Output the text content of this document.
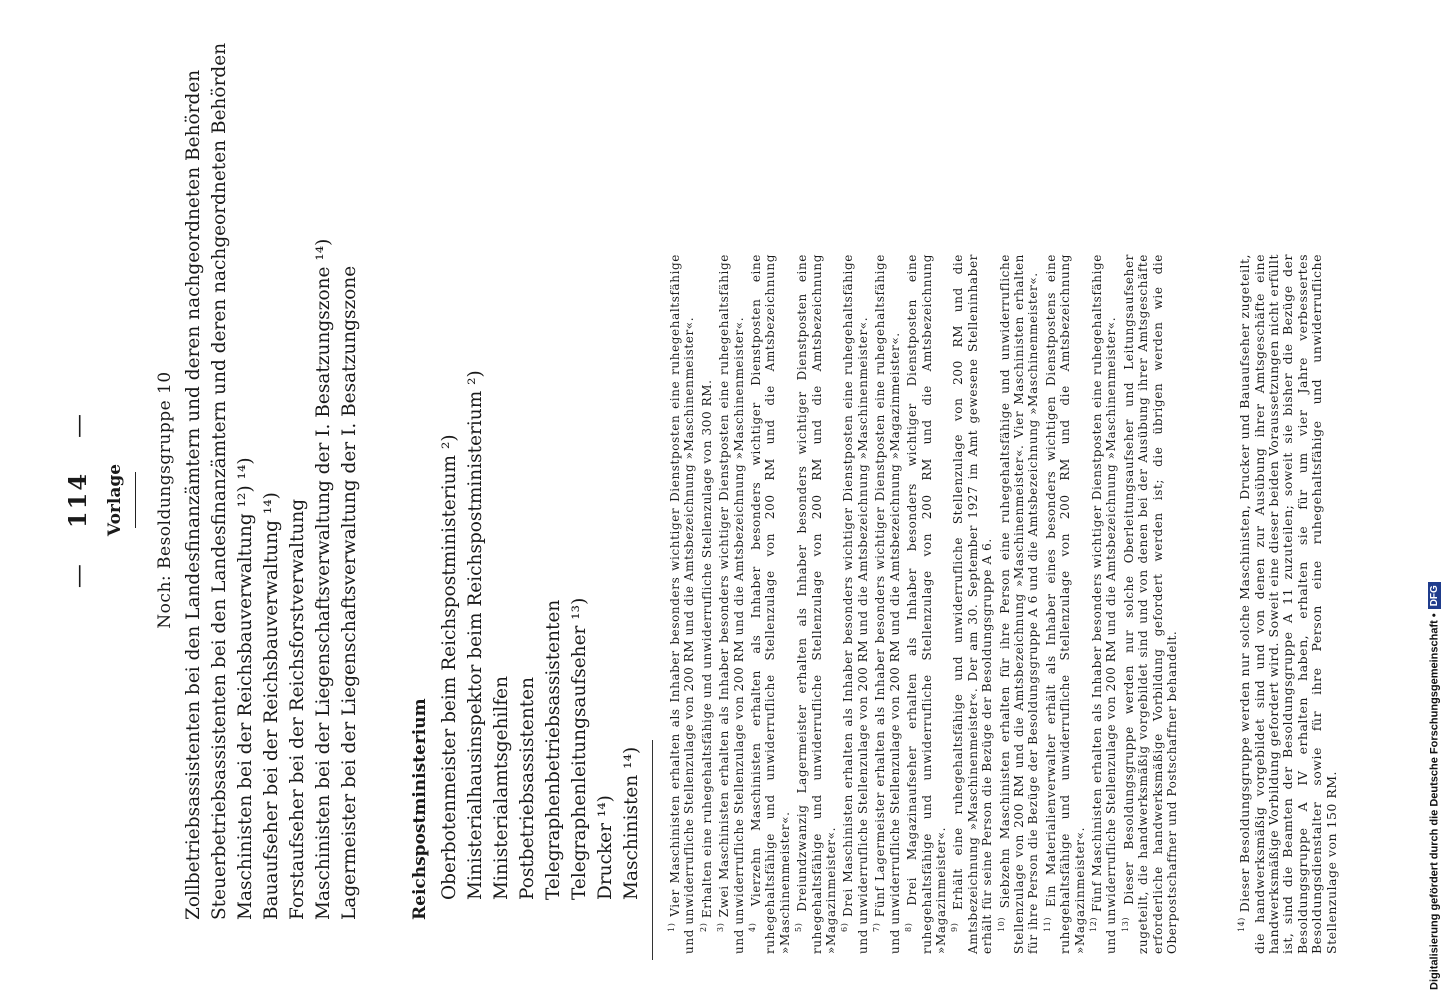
—114—
Vorlage Noch: Besoldungsgruppe 10 Zollbetriebsassistenten bei den Landesfinanzämtern und deren nachgeordneten Behörden Steuerbetriebsassistenten bei den Landesfinanzämtern und deren nachgeordneten Behörden Maschinisten bei der Reichsbauverwaltung ¹²) ¹⁴) Bauaufseher bei der Reichsbauverwaltung ¹⁴) Forstaufseher bei der Reichsforstverwaltung Maschinisten bei der Liegenschaftsverwaltung der I. Besatzungszone ¹⁴) Lagermeister bei der Liegenschaftsverwaltung der I. Besatzungszone	Reichspostministerium Oberbotenmeister beim Reichspostministerium ²) Ministerialhausinspektor beim Reichspostministerium ²) Ministerialamtsgehilfen Postbetriebsassistenten Telegraphenbetriebsassistenten Telegraphenleitungsaufseher ¹³) Drucker ¹⁴) Maschinisten ¹⁴)

$^{1)}$ Vier Maschinisten erhalten als Inhaber besonders wichtiger Dienstposten eine ruhegehaltsfähige und unwiderrufliche Stellenzulage von 200 RM und die Amtsbezeichnung »Maschinenmeister«. $^{2)}$ Erhalten eine ruhegehaltsfähige und unwiderrufliche Stellenzulage von 300 RM.

$^{3)}$ Zwei Maschinisten erhalten als Inhaber besonders wichtiger Dienstposten eine ruhegehaltsfähige und unwiderrufliche Stellenzulage von 200 RM und die Amtsbezeichnung »Maschinenmeister«. $^{4)}$ Vierzehn Maschinisten erhalten als Inhaber besonders wichtiger Dienstposten eine ruhegehaltsfähige und unwiderrufliche Stellenzulage von 200 RM und die Amtsbezeichnung »Maschinenmeister«. $^{5)}$ Dreiundzwanzig Lagermeister erhalten als Inhaber besonders wichtiger Dienstposten eine ruhegehaltsfähige und unwiderrufliche Stellenzulage von 200 RM und die Amtsbezeichnung »Magazinmeister«. $^{6)}$ Drei Maschinisten erhalten als Inhaber besonders wichtiger Dienstposten eine ruhegehaltsfähige und unwiderrufliche Stellenzulage von 200 RM und die Amtsbezeichnung »Maschinenmeister«. $^{7)}$ Fünf Lagermeister erhalten als Inhaber besonders wichtiger Dienstposten eine ruhegehaltsfähige und unwiderrufliche Stellenzulage von 200 RM und die Amtsbezeichnung »Magazinmeister«. $^{8)}$ Drei Magazinaufseher erhalten als Inhaber besonders wichtiger Dienstposten eine ruhegehaltsfähige und unwiderrufliche Stellenzulage von 200 RM und die Amtsbezeichnung »Magazinmeister«. $^{9)}$ Erhält eine ruhegehaltsfähige und unwiderrufliche Stellenzulage von 200 RM und die Amtsbezeichnung »Maschinenmeister«. Der am 30. September 1927 im Amt gewesene Stelleninhaber erhält für seine Person die Bezüge der Besoldungsgruppe A 6. $^{10)}$ Siebzehn Maschinisten erhalten für ihre Person eine ruhegehaltsfähige und unwiderrufliche Stellenzulage von 200 RM und die Amtsbezeichnung »Maschinenmeister«. Vier Maschinisten erhalten für ihre Person die Bezüge der Besoldungsgruppe A 6 und die Amtsbezeichnung »Maschinenmeister«. $^{11)}$ Ein Materialienverwalter erhält als Inhaber eines besonders wichtigen Dienstpostens eine ruhegehaltsfähige und unwiderrufliche Stellenzulage von 200 RM und die Amtsbezeichnung »Magazinmeister«. $^{12)}$ Fünf Maschinisten erhalten als Inhaber besonders wichtiger Dienstposten eine ruhegehaltsfähige und unwiderrufliche Stellenzulage von 200 RM und die Amtsbezeichnung »Maschinenmeister«. $^{13)}$ Dieser Besoldungsgruppe werden nur solche Oberleitungsaufseher und Leitungsaufseher zugeteilt, die handwerksmäßig vorgebildet sind und von denen bei der Ausübung ihrer Amtsgeschäfte erforderliche handwerksmäßige Vorbildung gefordert werden ist; die übrigen werden wie die Oberpostschaffner und Postschaffner behandelt.	$^{14)}$ Dieser Besoldungsgruppe werden nur solche Maschinisten, Drucker und Bauaufseher zugeteilt, die handwerksmäßig vorgebildet sind und von denen zur Ausübung ihrer Amtsgeschäfte eine handwerksmäßige Vorbildung gefordert wird. Soweit eine dieser beiden Voraussetzungen nicht erfüllt ist, sind die Beamten der Besoldungsgruppe A 11 zuzuteilen; soweit sie bisher die Bezüge der Besoldungsgruppe A IV erhalten haben, erhalten sie für um vier Jahre verbessertes Besoldungsdienstalter sowie für ihre Person eine ruhegehaltsfähige und unwiderrufliche Stellenzulage von 150 RM.	Digitalisierung gefördert durch die Deutsche Forschungsgemeinschaft •DFG
